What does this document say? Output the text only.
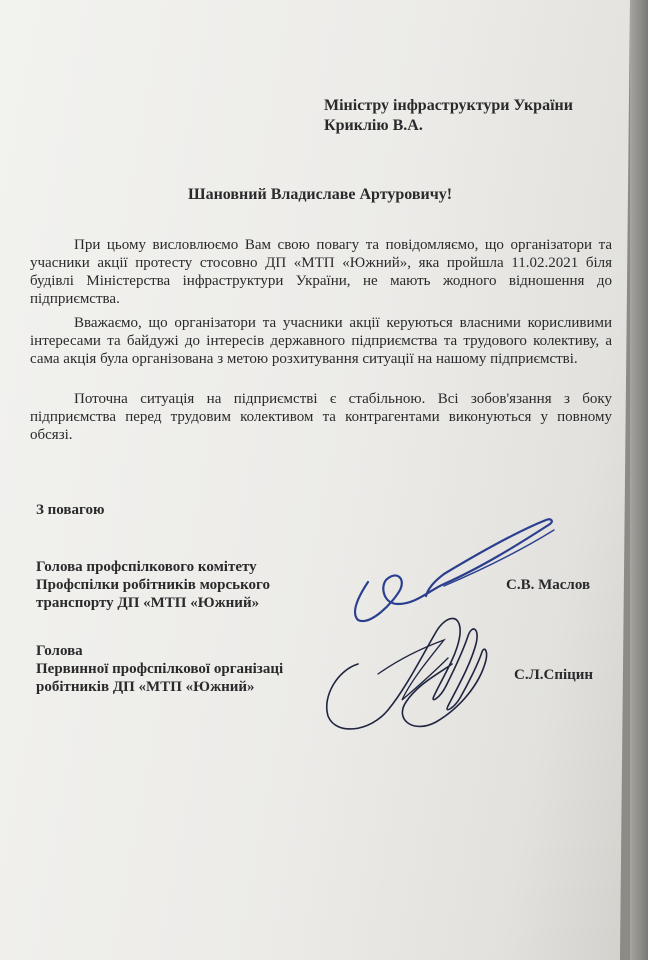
Міністру інфраструктури України
Криклію В.А.
Шановний Владиславе Артуровичу!
При цьому висловлюємо Вам свою повагу та повідомляємо, що організатори та учасники акції протесту стосовно ДП «МТП «Южний», яка пройшла 11.02.2021 біля будівлі Міністерства інфраструктури України, не мають жодного відношення до підприємства.
Вважаємо, що організатори та учасники акції керуються власними корисливими інтересами та байдужі до інтересів державного підприємства та трудового колективу, а сама акція була організована з метою розхитування ситуації на нашому підприємстві.
Поточна ситуація на підприємстві є стабільною. Всі зобов'язання з боку підприємства перед трудовим колективом та контрагентами виконуються у повному обсязі.
З повагою
Голова профспілкового комітету
Профспілки робітників морського
транспорту ДП «МТП «Южний»
С.В. Маслов
Голова
Первинної профспілкової організаці
робітників ДП «МТП «Южний»
С.Л.Спіцин
